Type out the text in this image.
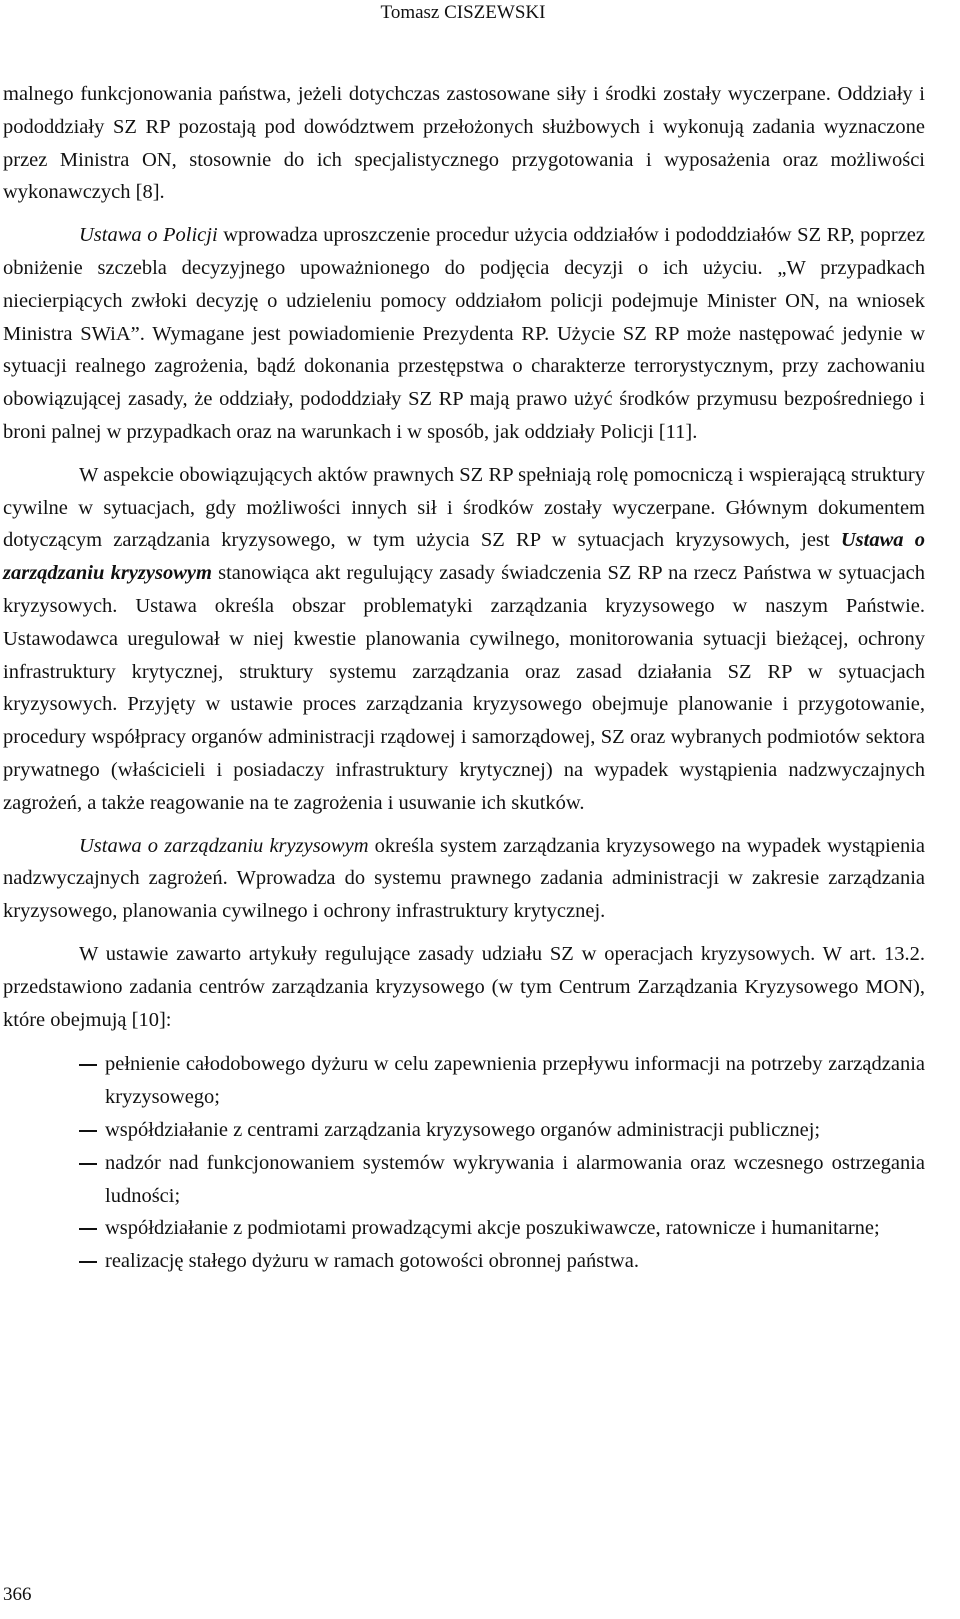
Tomasz CISZEWSKI

malnego funkcjonowania państwa, jeżeli dotychczas zastosowane siły i środki zostały wyczerpane. Oddziały i pododdziały SZ RP pozostają pod dowództwem przełożonych służbowych i wykonują zadania wyznaczone przez Ministra ON, stosownie do ich specjalistycznego przygotowania i wyposażenia oraz możliwości wykonawczych [8].

Ustawa o Policji wprowadza uproszczenie procedur użycia oddziałów i pododdziałów SZ RP, poprzez obniżenie szczebla decyzyjnego upoważnionego do podjęcia decyzji o ich użyciu. „W przypadkach niecierpiących zwłoki decyzję o udzieleniu pomocy oddziałom policji podejmuje Minister ON, na wniosek Ministra SWiA”. Wymagane jest powiadomienie Prezydenta RP. Użycie SZ RP może następować jedynie w sytuacji realnego zagrożenia, bądź dokonania przestępstwa o charakterze terrorystycznym, przy zachowaniu obowiązującej zasady, że oddziały, pododdziały SZ RP mają prawo użyć środków przymusu bezpośredniego i broni palnej w przypadkach oraz na warunkach i w sposób, jak oddziały Policji [11].

W aspekcie obowiązujących aktów prawnych SZ RP spełniają rolę pomocniczą i wspierającą struktury cywilne w sytuacjach, gdy możliwości innych sił i środków zostały wyczerpane. Głównym dokumentem dotyczącym zarządzania kryzysowego, w tym użycia SZ RP w sytuacjach kryzysowych, jest Ustawa o zarządzaniu kryzysowym stanowiąca akt regulujący zasady świadczenia SZ RP na rzecz Państwa w sytuacjach kryzysowych. Ustawa określa obszar problematyki zarządzania kryzysowego w naszym Państwie. Ustawodawca uregulował w niej kwestie planowania cywilnego, monitorowania sytuacji bieżącej, ochrony infrastruktury krytycznej, struktury systemu zarządzania oraz zasad działania SZ RP w sytuacjach kryzysowych. Przyjęty w ustawie proces zarządzania kryzysowego obejmuje planowanie i przygotowanie, procedury współpracy organów administracji rządowej i samorządowej, SZ oraz wybranych podmiotów sektora prywatnego (właścicieli i posiadaczy infrastruktury krytycznej) na wypadek wystąpienia nadzwyczajnych zagrożeń, a także reagowanie na te zagrożenia i usuwanie ich skutków.

Ustawa o zarządzaniu kryzysowym określa system zarządzania kryzysowego na wypadek wystąpienia nadzwyczajnych zagrożeń. Wprowadza do systemu prawnego zadania administracji w zakresie zarządzania kryzysowego, planowania cywilnego i ochrony infrastruktury krytycznej.

W ustawie zawarto artykuły regulujące zasady udziału SZ w operacjach kryzysowych. W art. 13.2. przedstawiono zadania centrów zarządzania kryzysowego (w tym Centrum Zarządzania Kryzysowego MON), które obejmują [10]:

pełnienie całodobowego dyżuru w celu zapewnienia przepływu informacji na potrzeby zarządzania kryzysowego;
współdziałanie z centrami zarządzania kryzysowego organów administracji publicznej;
nadzór nad funkcjonowaniem systemów wykrywania i alarmowania oraz wczesnego ostrzegania ludności;
współdziałanie z podmiotami prowadzącymi akcje poszukiwawcze, ratownicze i humanitarne;
realizację stałego dyżuru w ramach gotowości obronnej państwa.
366
